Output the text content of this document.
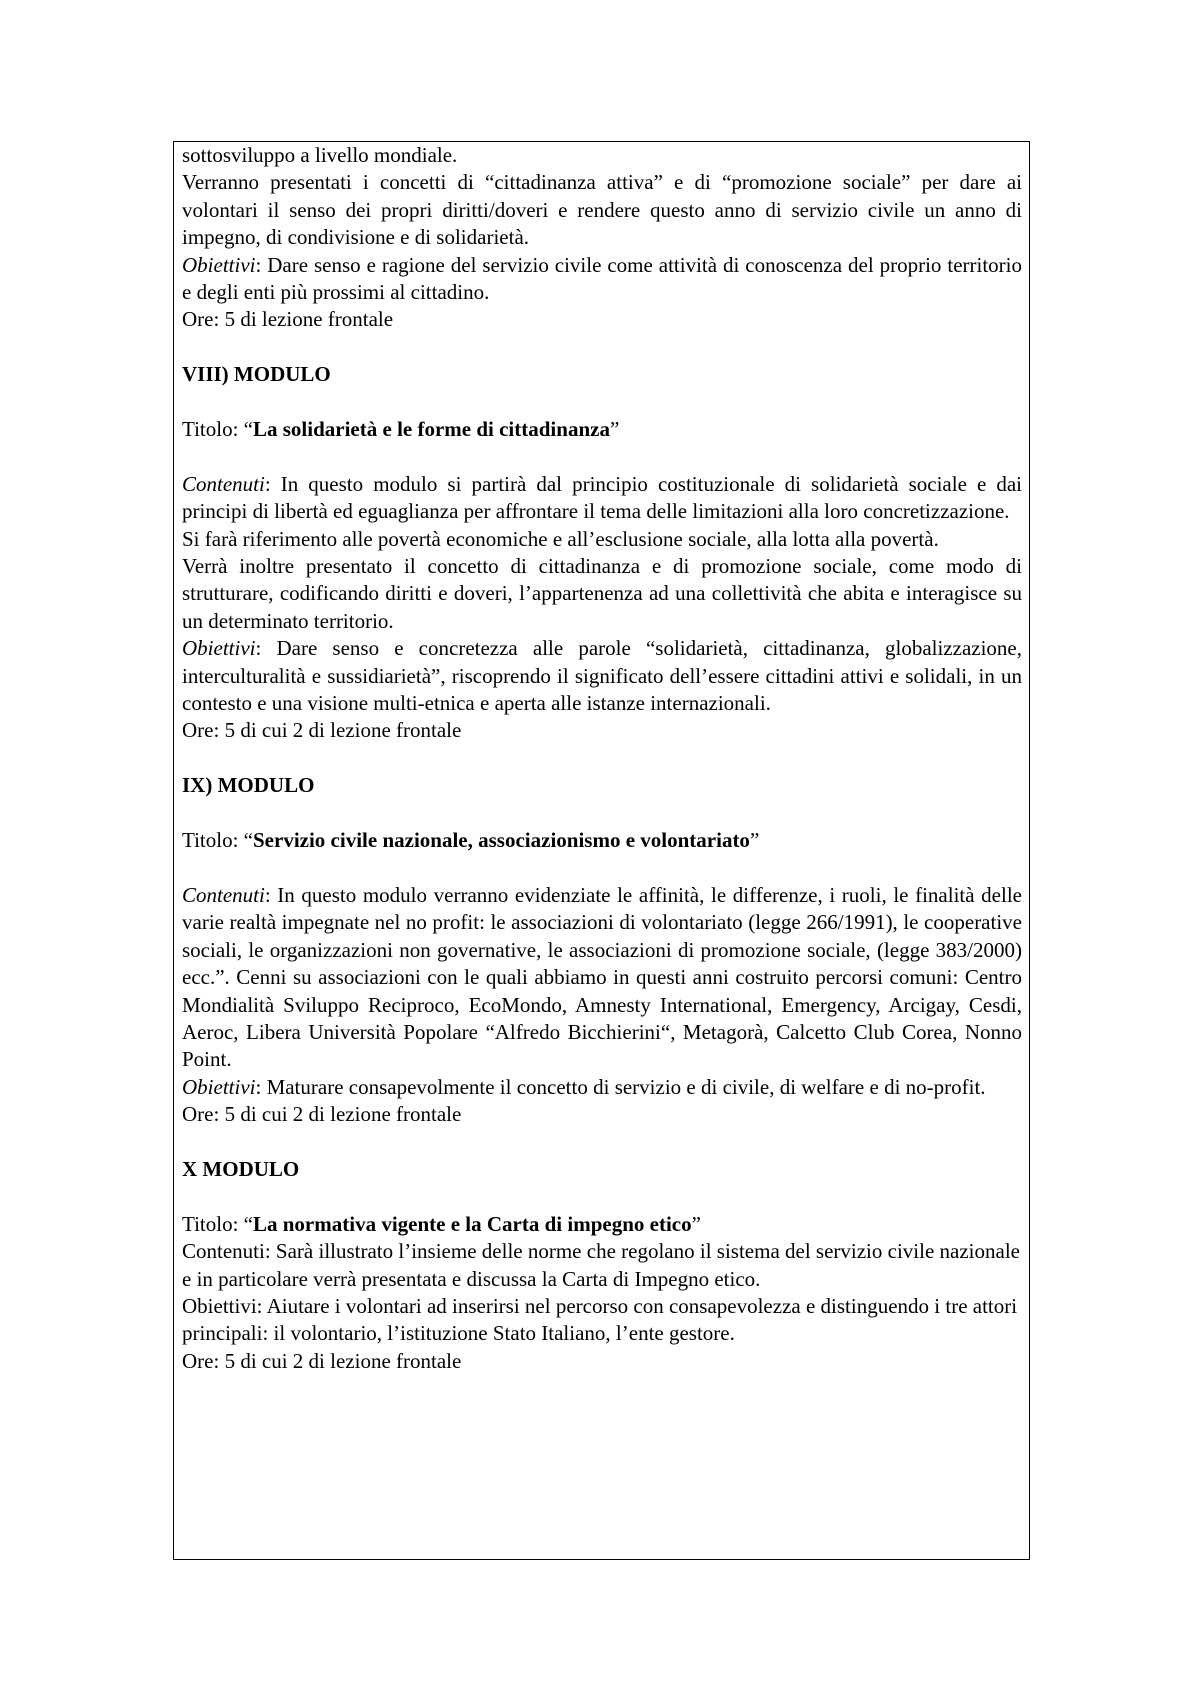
sottosviluppo a livello mondiale.

Verranno presentati i concetti di “cittadinanza attiva” e di “promozione sociale” per dare ai volontari il senso dei propri diritti/doveri e rendere questo anno di servizio civile un anno di impegno, di condivisione e di solidarietà.

Obiettivi: Dare senso e ragione del servizio civile come attività di conoscenza del proprio territorio e degli enti più prossimi al cittadino.

Ore: 5 di lezione frontale

VIII) MODULO

Titolo: “La solidarietà e le forme di cittadinanza”

Contenuti: In questo modulo si partirà dal principio costituzionale di solidarietà sociale e dai principi di libertà ed eguaglianza per affrontare il tema delle limitazioni alla loro concretizzazione.

Si farà riferimento alle povertà economiche e all’esclusione sociale, alla lotta alla povertà.

Verrà inoltre presentato il concetto di cittadinanza e di promozione sociale, come modo di strutturare, codificando diritti e doveri, l’appartenenza ad una collettività che abita e interagisce su un determinato territorio.

Obiettivi: Dare senso e concretezza alle parole “solidarietà, cittadinanza, globalizzazione, interculturalità e sussidiarietà”, riscoprendo il significato dell’essere cittadini attivi e solidali, in un contesto e una visione multi-etnica e aperta alle istanze internazionali.

Ore: 5 di cui 2 di lezione frontale

IX) MODULO

Titolo: “Servizio civile nazionale, associazionismo e volontariato”

Contenuti: In questo modulo verranno evidenziate le affinità, le differenze, i ruoli, le finalità delle varie realtà impegnate nel no profit: le associazioni di volontariato (legge 266/1991), le cooperative sociali, le organizzazioni non governative, le associazioni di promozione sociale, (legge 383/2000) ecc.”. Cenni su associazioni con le quali abbiamo in questi anni costruito percorsi comuni: Centro Mondialità Sviluppo Reciproco, EcoMondo, Amnesty International, Emergency, Arcigay, Cesdi, Aeroc, Libera Università Popolare “Alfredo Bicchierini“, Metagorà, Calcetto Club Corea, Nonno Point.

Obiettivi: Maturare consapevolmente il concetto di servizio e di civile, di welfare e di no-profit.

Ore: 5 di cui 2 di lezione frontale

X MODULO

Titolo: “La normativa vigente e la Carta di impegno etico”

Contenuti: Sarà illustrato l’insieme delle norme che regolano il sistema del servizio civile nazionale e in particolare verrà presentata e discussa la Carta di Impegno etico.

Obiettivi: Aiutare i volontari ad inserirsi nel percorso con consapevolezza e distinguendo i tre attori principali: il volontario, l’istituzione Stato Italiano, l’ente gestore.

Ore: 5 di cui 2 di lezione frontale
